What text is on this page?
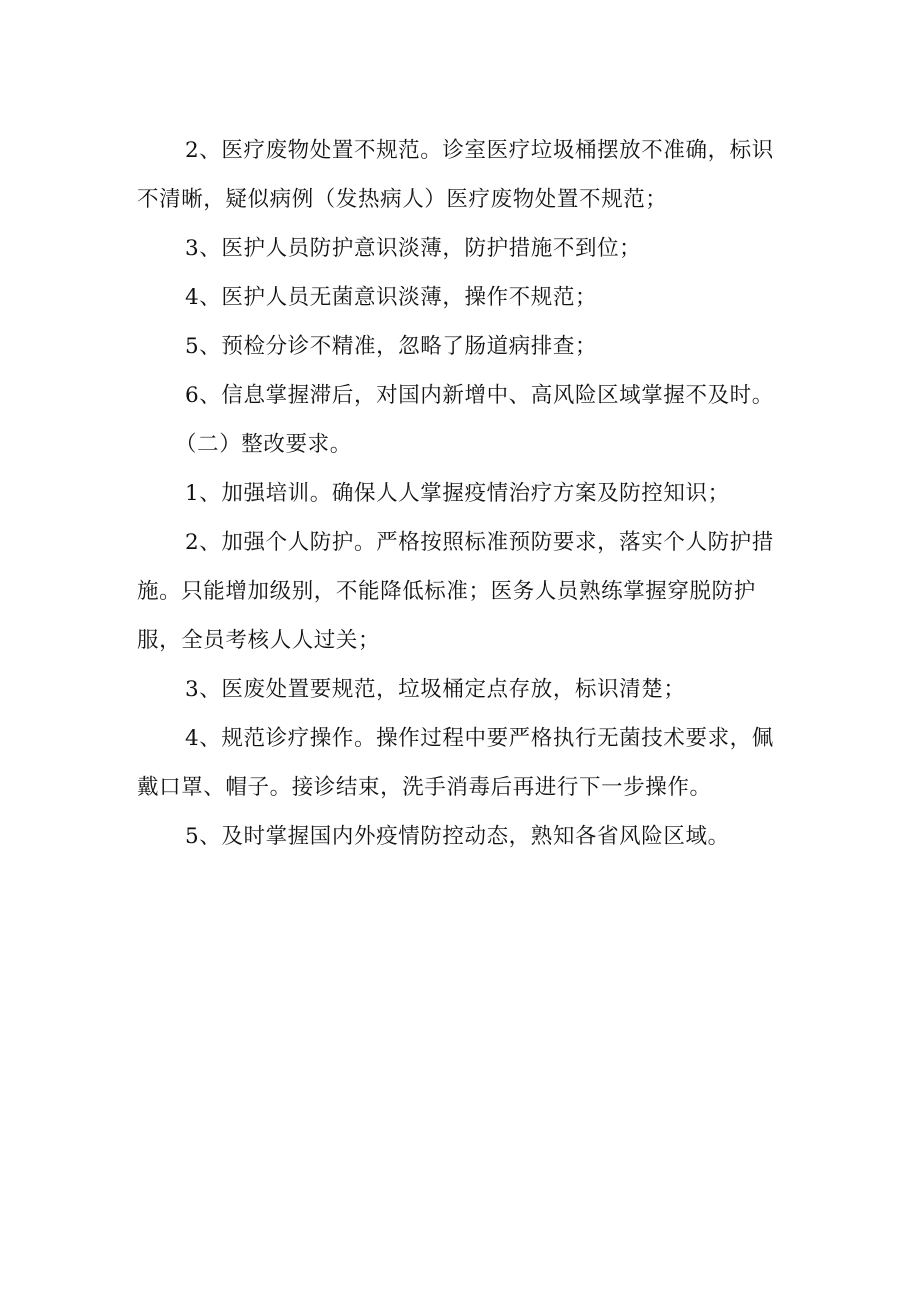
2、医疗废物处置不规范。诊室医疗垃圾桶摆放不准确，标识
不清晰，疑似病例（发热病人）医疗废物处置不规范；

3、医护人员防护意识淡薄，防护措施不到位；

4、医护人员无菌意识淡薄，操作不规范；

5、预检分诊不精准，忽略了肠道病排查；

6、信息掌握滞后，对国内新增中、高风险区域掌握不及时。

（二）整改要求。

1、加强培训。确保人人掌握疫情治疗方案及防控知识；

2、加强个人防护。严格按照标准预防要求，落实个人防护措
施。只能增加级别，不能降低标准；医务人员熟练掌握穿脱防护
服，全员考核人人过关；

3、医废处置要规范，垃圾桶定点存放，标识清楚；

4、规范诊疗操作。操作过程中要严格执行无菌技术要求，佩
戴口罩、帽子。接诊结束，洗手消毒后再进行下一步操作。

5、及时掌握国内外疫情防控动态，熟知各省风险区域。
